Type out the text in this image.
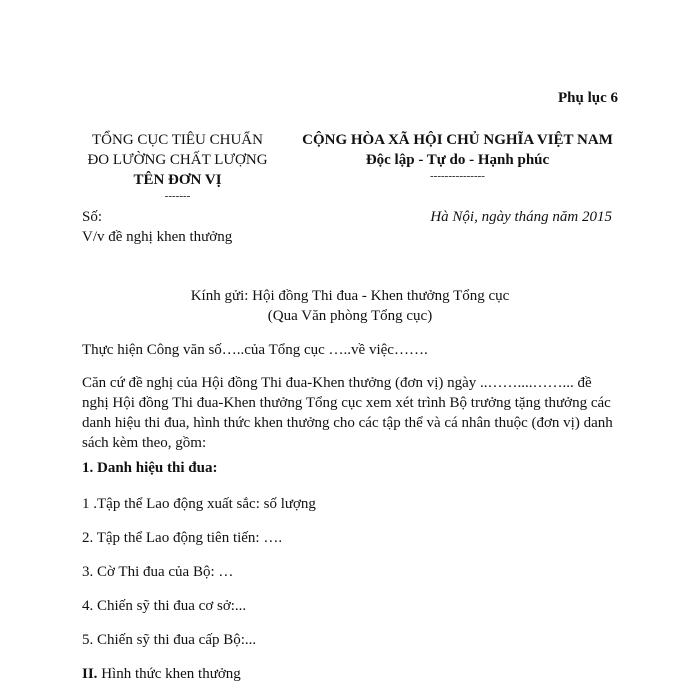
Phụ lục 6
TỔNG CỤC TIÊU CHUẨN
ĐO LƯỜNG CHẤT LƯỢNG
TÊN ĐƠN VỊ
-------
CỘNG HÒA XÃ HỘI CHỦ NGHĨA VIỆT NAM
Độc lập - Tự do - Hạnh phúc
---------------
Số:	Hà Nội, ngày tháng năm 2015
V/v đề nghị khen thưởng
Kính gửi: Hội đồng Thi đua - Khen thưởng Tổng cục
(Qua Văn phòng Tổng cục)
Thực hiện Công văn số…..của Tổng cục …..về việc…….
Căn cứ đề nghị của Hội đồng Thi đua-Khen thưởng (đơn vị) ngày ..……....……... đề
nghị Hội đồng Thi đua-Khen thưởng Tổng cục xem xét trình Bộ trưởng tặng thưởng các
danh hiệu thi đua, hình thức khen thưởng cho các tập thể và cá nhân thuộc (đơn vị) danh
sách kèm theo, gồm:
1. Danh hiệu thi đua:
1 .Tập thể Lao động xuất sắc: số lượng
2. Tập thể Lao động tiên tiến: ….
3. Cờ Thi đua của Bộ: …
4. Chiến sỹ thi đua cơ sở:...
5. Chiến sỹ thi đua cấp Bộ:...
II. Hình thức khen thưởng
